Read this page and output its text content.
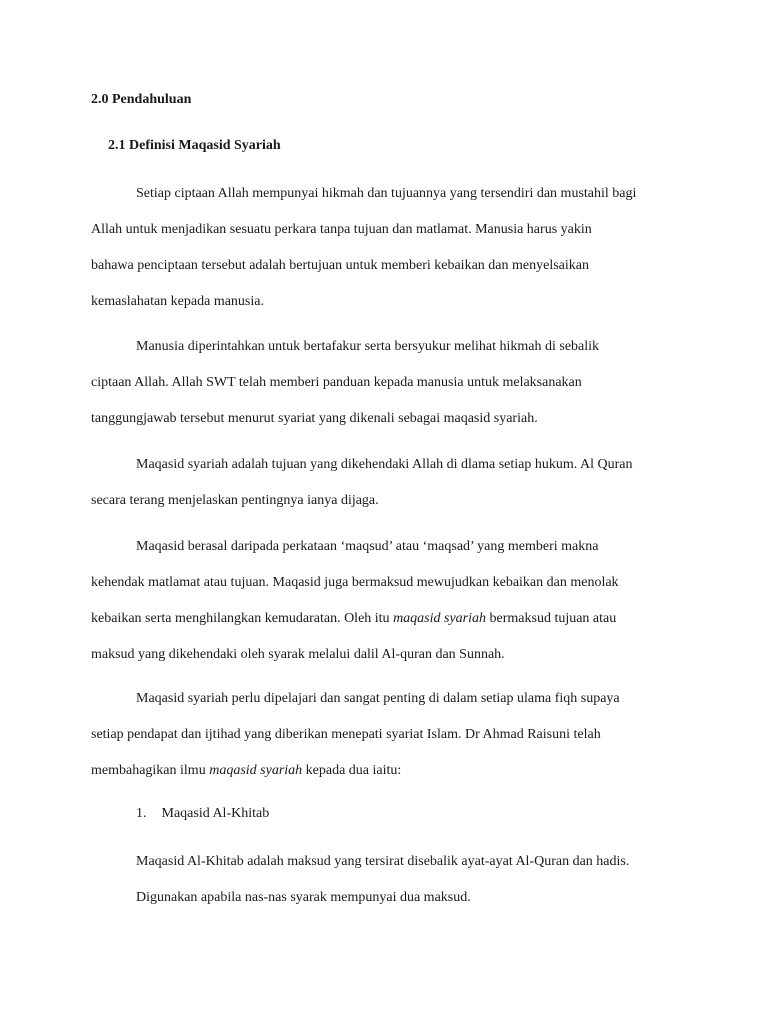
2.0 Pendahuluan

2.1 Definisi Maqasid Syariah

Setiap ciptaan Allah mempunyai hikmah dan tujuannya yang tersendiri dan mustahil bagi
Allah untuk menjadikan sesuatu perkara tanpa tujuan dan matlamat. Manusia harus yakin
bahawa penciptaan tersebut adalah bertujuan untuk memberi kebaikan dan menyelsaikan
kemaslahatan kepada manusia.
Manusia diperintahkan untuk bertafakur serta bersyukur melihat hikmah di sebalik
ciptaan Allah. Allah SWT telah memberi panduan kepada manusia untuk melaksanakan
tanggungjawab tersebut menurut syariat yang dikenali sebagai maqasid syariah.
Maqasid syariah adalah tujuan yang dikehendaki Allah di dlama setiap hukum. Al Quran
secara terang menjelaskan pentingnya ianya dijaga.
Maqasid berasal daripada perkataan ‘maqsud’ atau ‘maqsad’ yang memberi makna
kehendak matlamat atau tujuan. Maqasid juga bermaksud mewujudkan kebaikan dan menolak
kebaikan serta menghilangkan kemudaratan. Oleh itu maqasid syariah bermaksud tujuan atau
maksud yang dikehendaki oleh syarak melalui dalil Al-quran dan Sunnah.
Maqasid syariah perlu dipelajari dan sangat penting di dalam setiap ulama fiqh supaya
setiap pendapat dan ijtihad yang diberikan menepati syariat Islam. Dr Ahmad Raisuni telah
membahagikan ilmu maqasid syariah kepada dua iaitu:

1. Maqasid Al-Khitab

Maqasid Al-Khitab adalah maksud yang tersirat disebalik ayat-ayat Al-Quran dan hadis.
Digunakan apabila nas-nas syarak mempunyai dua maksud.
